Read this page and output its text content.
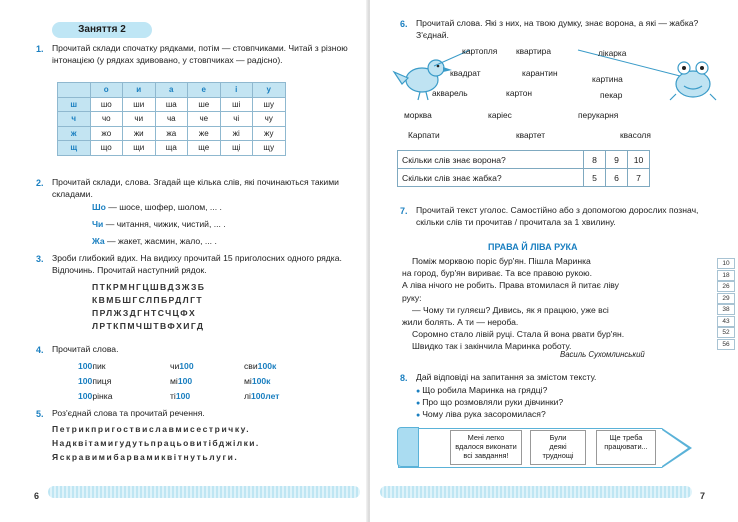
Заняття 2
1. Прочитай склади спочатку рядками, потім — стовпчиками. Читай з різною інтонацією (у рядках здивовано, у стовпчиках — радісно).
	о	и	а	е	і	у
ш	шо	ши	ша	ше	ші	шу
ч	чо	чи	ча	че	чі	чу
ж	жо	жи	жа	же	жі	жу
щ	що	щи	ща	ще	щі	щу
2. Прочитай склади, слова. Згадай ще кілька слів, які починаються такими складами.
Шо — шосе, шофер, шолом, ... .
Чи — читання, чижик, чистий, ... .
Жа — жакет, жасмин, жало, ... .
3. Зроби глибокий вдих. На видиху прочитай 15 приголосних одного рядка. Відпочинь. Прочитай наступний рядок.
ПТКРМНГЦШВДЗЖЗБ
КВМБШГСЛПБРДЛГТ
ПРЛЖЗДГНТСЧЦФХ
ЛРТКПМЧШТВФХИГД
4. Прочитай слова.
100пик	чи100	сви100к
100пиця	мі100	мі100к
100рінка	ті100	лі100лет
5. Роз'єднай слова та прочитай речення.
Петрикпригоствиславмисестричку.
Надквітамигудутьпрацьовитібджілки.
Яскравимибарвамиквітнутьлуги.
6
6. Прочитай слова. Які з них, на твою думку, знає ворона, а які — жабка? З'єднай.
картопля квартира	лікарка
квадрат	карантин
картина
акварель	картон	пекар
морква	каріес	перукарня
Карпати	квартет	квасоля
Скільки слів знає ворона?	8	9	10
Скільки слів знає жабка?	5	6	7
7. Прочитай текст уголос. Самостійно або з допомогою дорослих познач, скільки слів ти прочитав / прочитала за 1 хвилину.
ПРАВА Й ЛІВА РУКА
Поміж морквою поріс бур'ян. Пішла Маринка
на город, бур'ян вириває. Та все правою рукою.
А ліва нічого не робить. Права втомилася й питає ліву
руку:
— Чому ти гуляєш? Дивись, як я працюю, уже всі
жили болять. А ти — нероба.
Соромно стало лівій руці. Стала й вона рвати бур'ян.
Швидко так і закінчила Маринка роботу.
Василь Сухомлинський
8. Дай відповіді на запитання за змістом тексту.
● Що робила Маринка на грядці?
● Про що розмовляли руки дівчинки?
● Чому ліва рука засоромилася?
7
10
18
26
29
38
43
52
56
Мені легко
вдалося виконати
всі завдання!
Були
деякі
труднощі
Ще треба
працювати...
